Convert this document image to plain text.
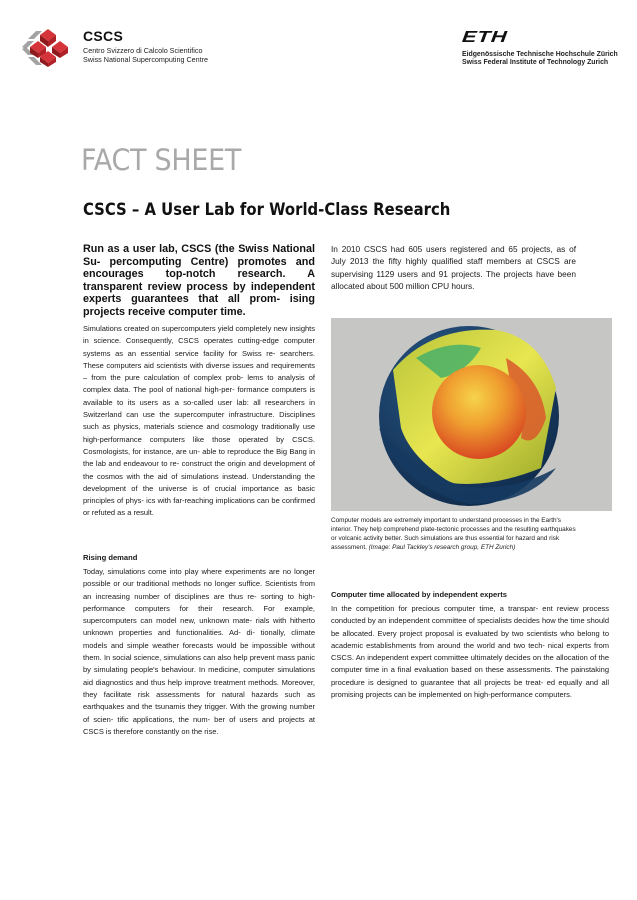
CSCS
Centro Svizzero di Calcolo Scientifico
Swiss National Supercomputing Centre
ETH
Eidgenössische Technische Hochschule Zürich
Swiss Federal Institute of Technology Zurich
FACT SHEET
CSCS – A User Lab for World-Class Research
Run as a user lab, CSCS (the Swiss National Su- percomputing Centre) promotes and encourages top-notch research. A transparent review process by independent experts guarantees that all prom- ising projects receive computer time.
Simulations created on supercomputers yield completely new insights in science. Consequently, CSCS operates cutting-edge computer systems as an essential service facility for Swiss re- searchers. These computers aid scientists with diverse issues and requirements – from the pure calculation of complex prob- lems to analysis of complex data. The pool of national high-per- formance computers is available to its users as a so-called user lab: all researchers in Switzerland can use the supercomputer infrastructure. Disciplines such as physics, materials science and cosmology traditionally use high-performance computers like those operated by CSCS. Cosmologists, for instance, are un- able to reproduce the Big Bang in the lab and endeavour to re- construct the origin and development of the cosmos with the aid of simulations instead. Understanding the development of the universe is of crucial importance as basic principles of phys- ics with far-reaching implications can be confirmed or refuted as a result.
Rising demand
Today, simulations come into play where experiments are no longer possible or our traditional methods no longer suffice. Scientists from an increasing number of disciplines are thus re- sorting to high-performance computers for their research. For example, supercomputers can model new, unknown mate- rials with hitherto unknown properties and functionalities. Ad- di- tionally, climate models and simple weather forecasts would be impossible without them. In social science, simulations can also help prevent mass panic by simulating people's behaviour. In medicine, computer simulations aid diagnostics and thus help improve treatment methods. Moreover, they facilitate risk assessments for natural hazards such as earthquakes and the tsunamis they trigger. With the growing number of scien- tific applications, the num- ber of users and projects at CSCS is therefore constantly on the rise.
In 2010 CSCS had 605 users registered and 65 projects, as of July 2013 the fifty highly qualified staff members at CSCS are supervising 1129 users and 91 projects. The projects have been allocated about 500 million CPU hours.
Computer models are extremely important to understand processes in the Earth's interior. They help comprehend plate-tectonic processes and the resulting earthquakes or volcanic activity better. Such simulations are thus essential for hazard and risk assessment. (Image: Paul Tackley's research group, ETH Zurich)
Computer time allocated by independent experts
In the competition for precious computer time, a transpar- ent review process conducted by an independent committee of specialists decides how the time should be allocated. Every project proposal is evaluated by two scientists who belong to academic establishments from around the world and two tech- nical experts from CSCS. An independent expert committee ultimately decides on the allocation of the computer time in a final evaluation based on these assessments. The painstaking procedure is designed to guarantee that all projects be treat- ed equally and all promising projects can be implemented on high-performance computers.
